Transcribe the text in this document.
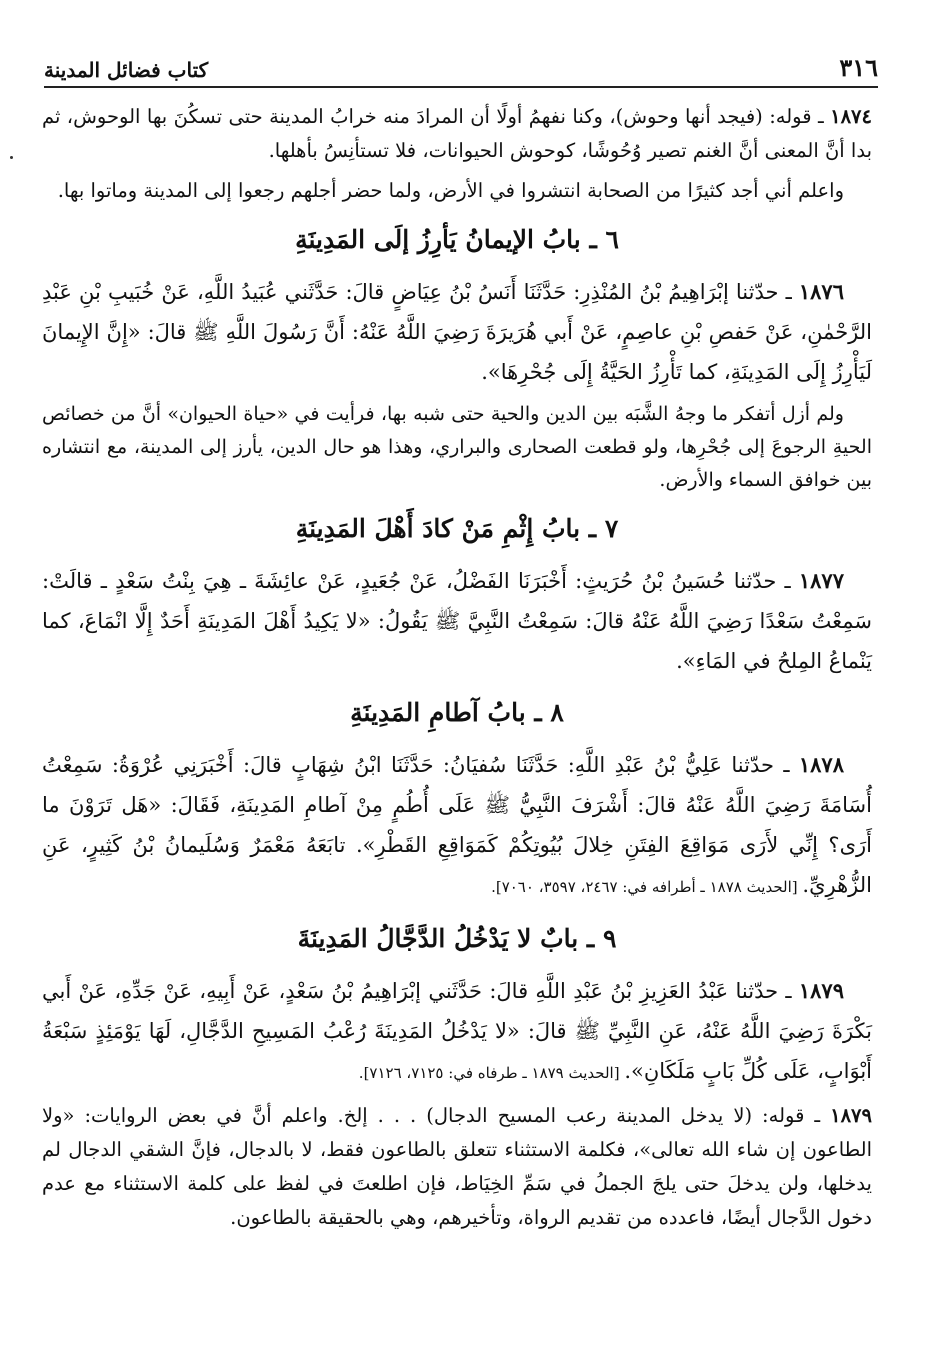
٣١٦
كتاب فضائل المدينة

١٨٧٤ ـ قوله: (فيجد أنها وحوش)، وكنا نفهمُ أولًا أن المرادَ منه خرابُ المدينة حتى تسكُنَ بها الوحوش، ثم بدا أنَّ المعنى أنَّ الغنم تصير وُحُوشًا، كوحوش الحيوانات، فلا تستأنِسُ بأهلها.

واعلم أني أجد كثيرًا من الصحابة انتشروا في الأرض، ولما حضر أجلهم رجعوا إلى المدينة وماتوا بها.

٦ ـ بابُ الإيمانُ يَأرِزُ إلَى المَدِينَةِ

١٨٧٦ ـ حدّثنا إبْرَاهِيمُ بْنُ المُنْذِرِ: حَدَّثَنَا أَنَسُ بْنُ عِيَاضٍ قالَ: حَدَّثَني عُبَيدُ اللَّهِ، عَنْ خُبَيبِ بْنِ عَبْدِ الرَّحْمٰنِ، عَنْ حَفصِ بْنِ عاصِمٍ، عَنْ أَبي هُرَيرَةَ رَضِيَ اللَّهُ عَنْهُ: أَنَّ رَسُولَ اللَّهِ ﷺ قالَ: «إِنَّ الإِيمانَ لَيَأْرِزُ إِلَى المَدِينَةِ، كما تَأْرِزُ الحَيَّةُ إِلَى جُحْرِهَا».

ولم أزل أتفكر ما وجهُ الشَّبَه بين الدين والحية حتى شبه بها، فرأيت في «حياة الحيوان» أنَّ من خصائص الحيةِ الرجوعَ إلى جُحْرِها، ولو قطعت الصحارى والبراري، وهذا هو حال الدين، يأرز إلى المدينة، مع انتشاره بين خوافق السماء والأرض.

٧ ـ بابُ إِثْمِ مَنْ كادَ أَهْلَ المَدِينَةِ

١٨٧٧ ـ حدّثنا حُسَينُ بْنُ حُرَيثٍ: أَخْبَرَنَا الفَضْلُ، عَنْ جُعَيدٍ، عَنْ عائِشَةَ ـ هِيَ بِنْتُ سَعْدٍ ـ قالَتْ: سَمِعْتُ سَعْدًا رَضِيَ اللَّهُ عَنْهُ قالَ: سَمِعْتُ النَّبِيَّ ﷺ يَقُولُ: «لا يَكِيدُ أَهْلَ المَدِينَةِ أَحَدٌ إِلَّا انْمَاعَ، كما يَنْماعُ المِلحُ في المَاءِ».

٨ ـ بابُ آطامِ المَدِينَةِ

١٨٧٨ ـ حدّثنا عَلِيُّ بْنُ عَبْدِ اللَّهِ: حَدَّثَنَا سُفيَانُ: حَدَّثَنَا ابْنُ شِهَابٍ قالَ: أَخْبَرَنِي عُرْوَةُ: سَمِعْتُ أُسَامَةَ رَضِيَ اللَّهُ عَنْهُ قالَ: أَشْرَفَ النَّبِيُّ ﷺ عَلَى أُطُمٍ مِنْ آطامِ المَدِينَةِ، فَقَالَ: «هَل تَرَوْنَ ما أَرَى؟ إِنِّي لأَرَى مَوَاقِعَ الفِتَنِ خِلالَ بُيُوتِكُمْ كَمَوَاقِعِ القَطْرِ». تابَعَهُ مَعْمَرٌ وَسُلَيمانُ بْنُ كَثِيرٍ، عَنِ الزُّهْرِيِّ. [الحديث ١٨٧٨ ـ أطرافه في: ٢٤٦٧، ٣٥٩٧، ٧٠٦٠].

٩ ـ بابٌ لا يَدْخُلُ الدَّجَّالُ المَدِينَةَ

١٨٧٩ ـ حدّثنا عَبْدُ العَزِيزِ بْنُ عَبْدِ اللَّهِ قالَ: حَدَّثَني إبْرَاهِيمُ بْنُ سَعْدٍ، عَنْ أَبِيهِ، عَنْ جَدِّهِ، عَنْ أَبي بَكْرَةَ رَضِيَ اللَّهُ عَنْهُ، عَنِ النَّبِيِّ ﷺ قالَ: «لا يَدْخُلُ المَدِينَةَ رُعْبُ المَسِيحِ الدَّجَّالِ، لَهَا يَوْمَئِذٍ سَبْعَةُ أَبْوَابٍ، عَلَى كُلِّ بَابٍ مَلَكَانِ». [الحديث ١٨٧٩ ـ طرفاه في: ٧١٢٥، ٧١٢٦].

١٨٧٩ ـ قوله: (لا يدخل المدينة رعب المسيح الدجال) . . . إلخ. واعلم أنَّ في بعض الروايات: «ولا الطاعون إن شاء الله تعالى»، فكلمة الاستثناء تتعلق بالطاعون فقط، لا بالدجال، فإنَّ الشقي الدجال لم يدخلها، ولن يدخلَ حتى يلجَ الجملُ في سَمِّ الخِيَاط، فإن اطلعتَ في لفظ على كلمة الاستثناء مع عدم دخول الدَّجال أيضًا، فاعدده من تقديم الرواة، وتأخيرهم، وهي بالحقيقة بالطاعون.
